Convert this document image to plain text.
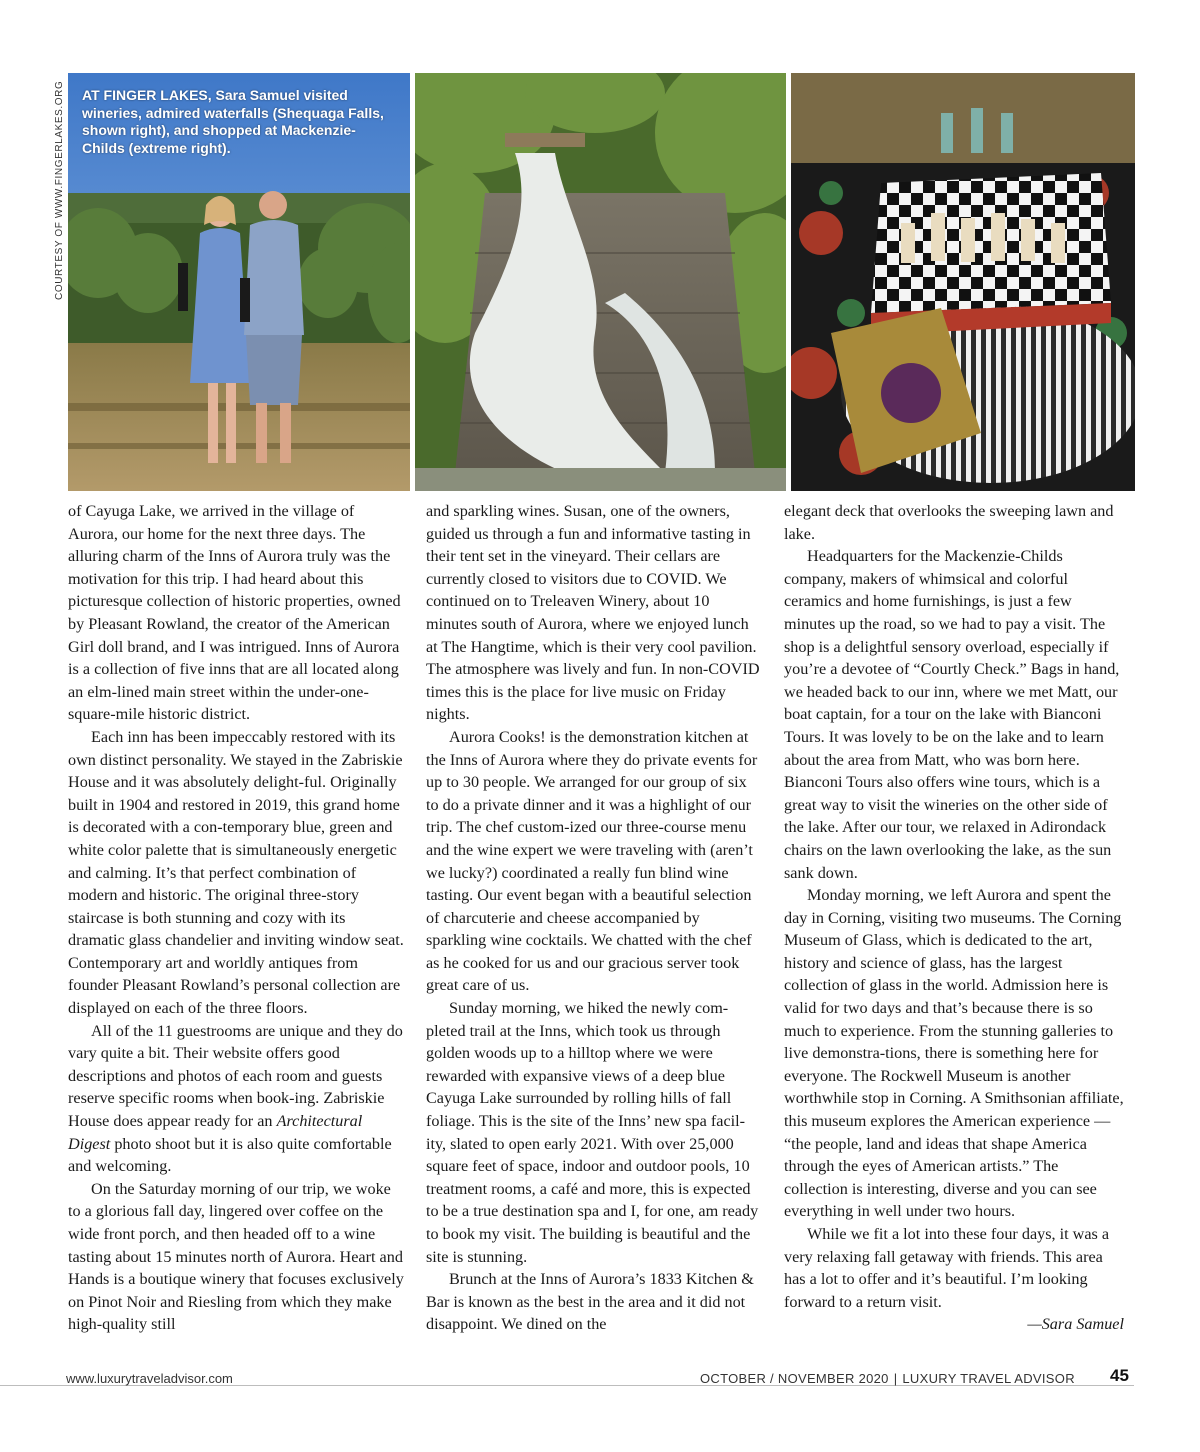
COURTESY OF WWW.FINGERLAKES.ORG AT FINGER LAKES, Sara Samuel visited wineries, admired waterfalls (Shequaga Falls, shown right), and shopped at Mackenzie-Childs (extreme right).

of Cayuga Lake, we arrived in the village of Aurora, our home for the next three days. The alluring charm of the Inns of Aurora truly was the motivation for this trip. I had heard about this picturesque collection of historic properties, owned by Pleasant Rowland, the creator of the American Girl doll brand, and I was intrigued. Inns of Aurora is a collection of five inns that are all located along an elm-lined main street within the under-one-square-mile historic district.

Each inn has been impeccably restored with its own distinct personality. We stayed in the Zabriskie House and it was absolutely delight-ful. Originally built in 1904 and restored in 2019, this grand home is decorated with a con-temporary blue, green and white color palette that is simultaneously energetic and calming. It’s that perfect combination of modern and historic. The original three-story staircase is both stunning and cozy with its dramatic glass chandelier and inviting window seat. Contemporary art and worldly antiques from founder Pleasant Rowland’s personal collection are displayed on each of the three floors.

All of the 11 guestrooms are unique and they do vary quite a bit. Their website offers good descriptions and photos of each room and guests reserve specific rooms when book-ing. Zabriskie House does appear ready for an Architectural Digest photo shoot but it is also quite comfortable and welcoming.

On the Saturday morning of our trip, we woke to a glorious fall day, lingered over coffee on the wide front porch, and then headed off to a wine tasting about 15 minutes north of Aurora. Heart and Hands is a boutique winery that focuses exclusively on Pinot Noir and Riesling from which they make high-quality still

and sparkling wines. Susan, one of the owners, guided us through a fun and informative tasting in their tent set in the vineyard. Their cellars are currently closed to visitors due to COVID. We continued on to Treleaven Winery, about 10 minutes south of Aurora, where we enjoyed lunch at The Hangtime, which is their very cool pavilion. The atmosphere was lively and fun. In non-COVID times this is the place for live music on Friday nights.

Aurora Cooks! is the demonstration kitchen at the Inns of Aurora where they do private events for up to 30 people. We arranged for our group of six to do a private dinner and it was a highlight of our trip. The chef custom-ized our three-course menu and the wine expert we were traveling with (aren’t we lucky?) coordinated a really fun blind wine tasting. Our event began with a beautiful selection of charcuterie and cheese accompanied by sparkling wine cocktails. We chatted with the chef as he cooked for us and our gracious server took great care of us.

Sunday morning, we hiked the newly com-pleted trail at the Inns, which took us through golden woods up to a hilltop where we were rewarded with expansive views of a deep blue Cayuga Lake surrounded by rolling hills of fall foliage. This is the site of the Inns’ new spa facil-ity, slated to open early 2021. With over 25,000 square feet of space, indoor and outdoor pools, 10 treatment rooms, a café and more, this is expected to be a true destination spa and I, for one, am ready to book my visit. The building is beautiful and the site is stunning.

Brunch at the Inns of Aurora’s 1833 Kitchen & Bar is known as the best in the area and it did not disappoint. We dined on the

elegant deck that overlooks the sweeping lawn and lake.

Headquarters for the Mackenzie-Childs company, makers of whimsical and colorful ceramics and home furnishings, is just a few minutes up the road, so we had to pay a visit. The shop is a delightful sensory overload, especially if you’re a devotee of “Courtly Check.” Bags in hand, we headed back to our inn, where we met Matt, our boat captain, for a tour on the lake with Bianconi Tours. It was lovely to be on the lake and to learn about the area from Matt, who was born here. Bianconi Tours also offers wine tours, which is a great way to visit the wineries on the other side of the lake. After our tour, we relaxed in Adirondack chairs on the lawn overlooking the lake, as the sun sank down.

Monday morning, we left Aurora and spent the day in Corning, visiting two museums. The Corning Museum of Glass, which is dedicated to the art, history and science of glass, has the largest collection of glass in the world. Admission here is valid for two days and that’s because there is so much to experience. From the stunning galleries to live demonstra-tions, there is something here for everyone. The Rockwell Museum is another worthwhile stop in Corning. A Smithsonian affiliate, this museum explores the American experience — “the people, land and ideas that shape America through the eyes of American artists.” The collection is interesting, diverse and you can see everything in well under two hours.

While we fit a lot into these four days, it was a very relaxing fall getaway with friends. This area has a lot to offer and it’s beautiful. I’m looking forward to a return visit.

—Sara Samuel

www.luxurytraveladvisor.com	OCTOBER / NOVEMBER 2020 | LUXURY TRAVEL ADVISOR 45
